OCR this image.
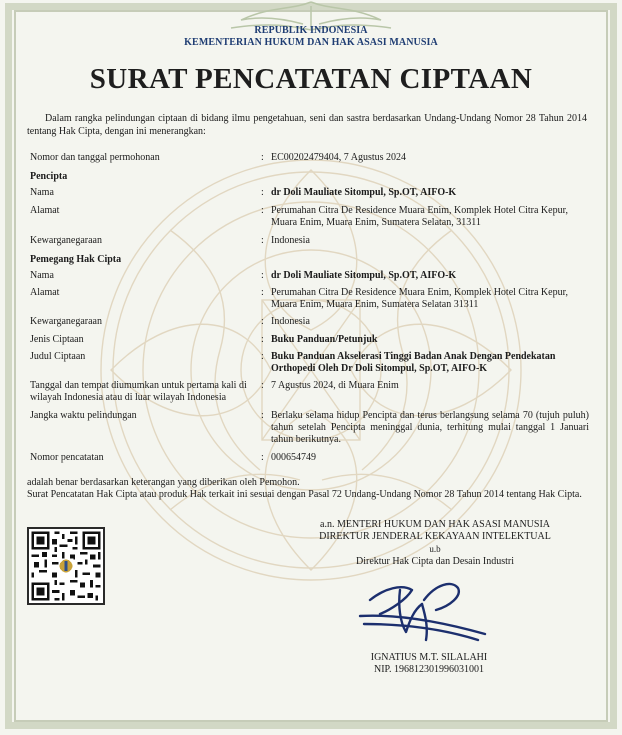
REPUBLIK INDONESIA
KEMENTERIAN HUKUM DAN HAK ASASI MANUSIA
SURAT PENCATATAN CIPTAAN
Dalam rangka pelindungan ciptaan di bidang ilmu pengetahuan, seni dan sastra berdasarkan Undang-Undang Nomor 28 Tahun 2014 tentang Hak Cipta, dengan ini menerangkan:
Nomor dan tanggal permohonan	: EC00202479404, 7 Agustus 2024
Pencipta
Nama	: dr Doli Mauliate Sitompul, Sp.OT, AIFO-K
Alamat	: Perumahan Citra De Residence Muara Enim, Komplek Hotel Citra Kepur, Muara Enim, Muara Enim, Sumatera Selatan, 31311
Kewarganegaraan	: Indonesia
Pemegang Hak Cipta
Nama	: dr Doli Mauliate Sitompul, Sp.OT, AIFO-K
Alamat	: Perumahan Citra De Residence Muara Enim, Komplek Hotel Citra Kepur, Muara Enim, Muara Enim, Sumatera Selatan 31311
Kewarganegaraan	: Indonesia
Jenis Ciptaan	: Buku Panduan/Petunjuk
Judul Ciptaan	: Buku Panduan Akselerasi Tinggi Badan Anak Dengan Pendekatan Orthopedi Oleh Dr Doli Sitompul, Sp.OT, AIFO-K
Tanggal dan tempat diumumkan untuk pertama kali di wilayah Indonesia atau di luar wilayah Indonesia
: 7 Agustus 2024, di Muara Enim
Jangka waktu pelindungan	: Berlaku selama hidup Pencipta dan terus berlangsung selama 70 (tujuh puluh) tahun setelah Pencipta meninggal dunia, terhitung mulai tanggal 1 Januari tahun berikutnya.
Nomor pencatatan	: 000654749
adalah benar berdasarkan keterangan yang diberikan oleh Pemohon.
Surat Pencatatan Hak Cipta atau produk Hak terkait ini sesuai dengan Pasal 72 Undang-Undang Nomor 28 Tahun 2014 tentang Hak Cipta.
a.n. MENTERI HUKUM DAN HAK ASASI MANUSIA
DIREKTUR JENDERAL KEKAYAAN INTELEKTUAL
u.b
Direktur Hak Cipta dan Desain Industri
IGNATIUS M.T. SILALAHI
NIP. 196812301996031001
